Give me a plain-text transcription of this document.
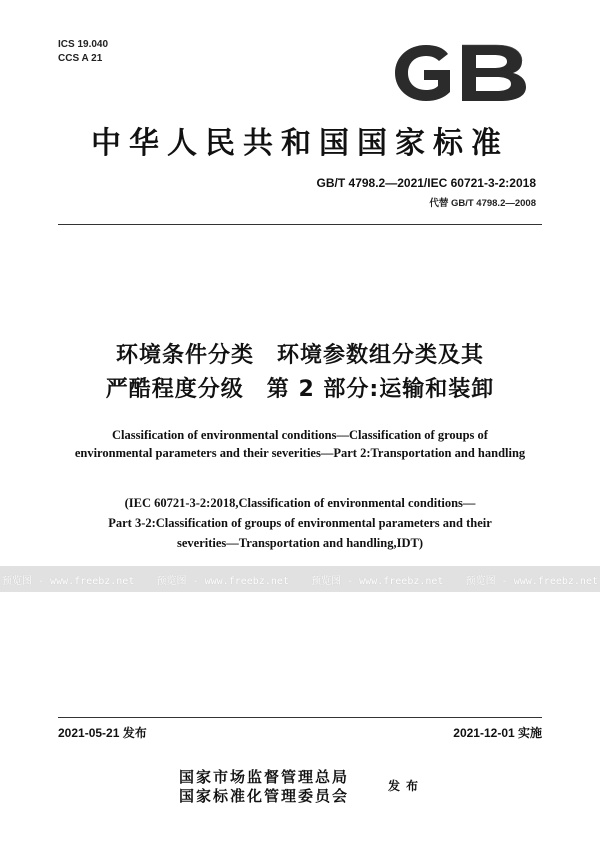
ICS 19.040
CCS A 21
中华人民共和国国家标准
GB/T 4798.2—2021/IEC 60721-3-2:2018
代替 GB/T 4798.2—2008
环境条件分类　环境参数组分类及其
严酷程度分级　第 2 部分:运输和装卸
Classification of environmental conditions—Classification of groups of
environmental parameters and their severities—Part 2:Transportation and handling
(IEC 60721-3-2:2018,Classification of environmental conditions—
Part 3-2:Classification of groups of environmental parameters and their
severities—Transportation and handling,IDT)
预览图 - www.freebz.net 预览图 - www.freebz.net 预览图 - www.freebz.net 预览图 - www.freebz.net
2021-05-21 发布	2021-12-01 实施
国家市场监督管理总局
国家标准化管理委员会
发布
